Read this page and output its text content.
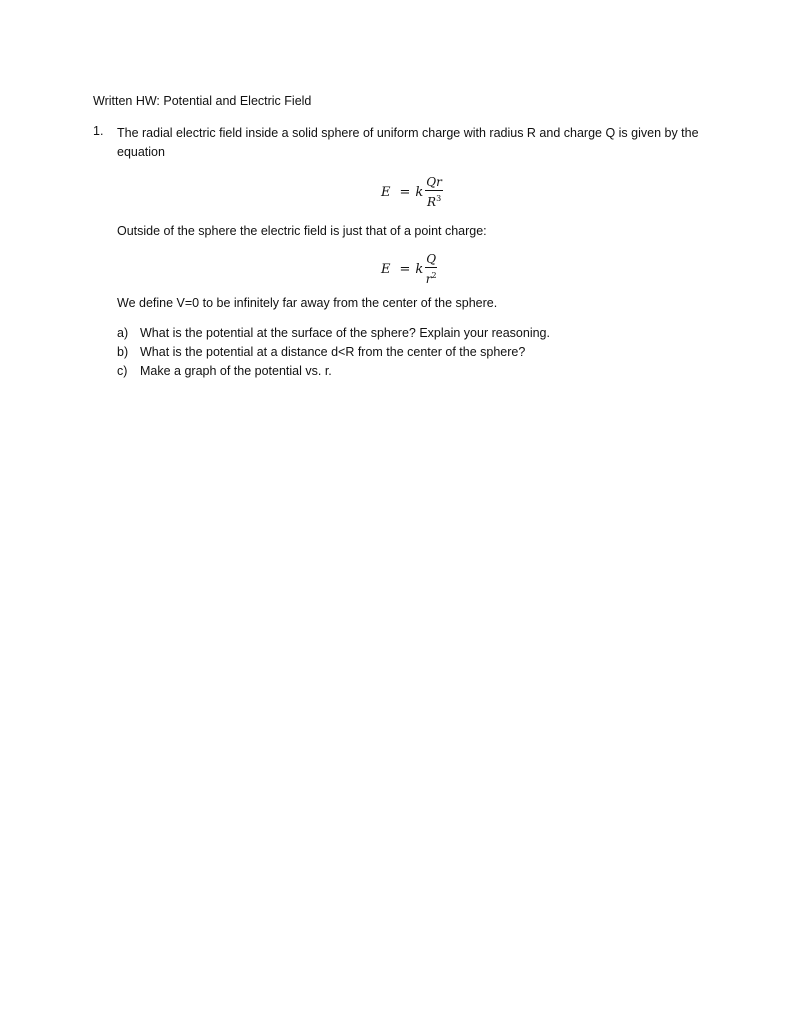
Written HW: Potential and Electric Field
1. The radial electric field inside a solid sphere of uniform charge with radius R and charge Q is given by the equation
E = k $\frac{Qr}{R^3}$
Outside of the sphere the electric field is just that of a point charge:
E = k $\frac{Q}{r^2}$
We define V=0 to be infinitely far away from the center of the sphere.
a) What is the potential at the surface of the sphere? Explain your reasoning.
b) What is the potential at a distance d<R from the center of the sphere?
c)	Make a graph of the potential vs. r.
